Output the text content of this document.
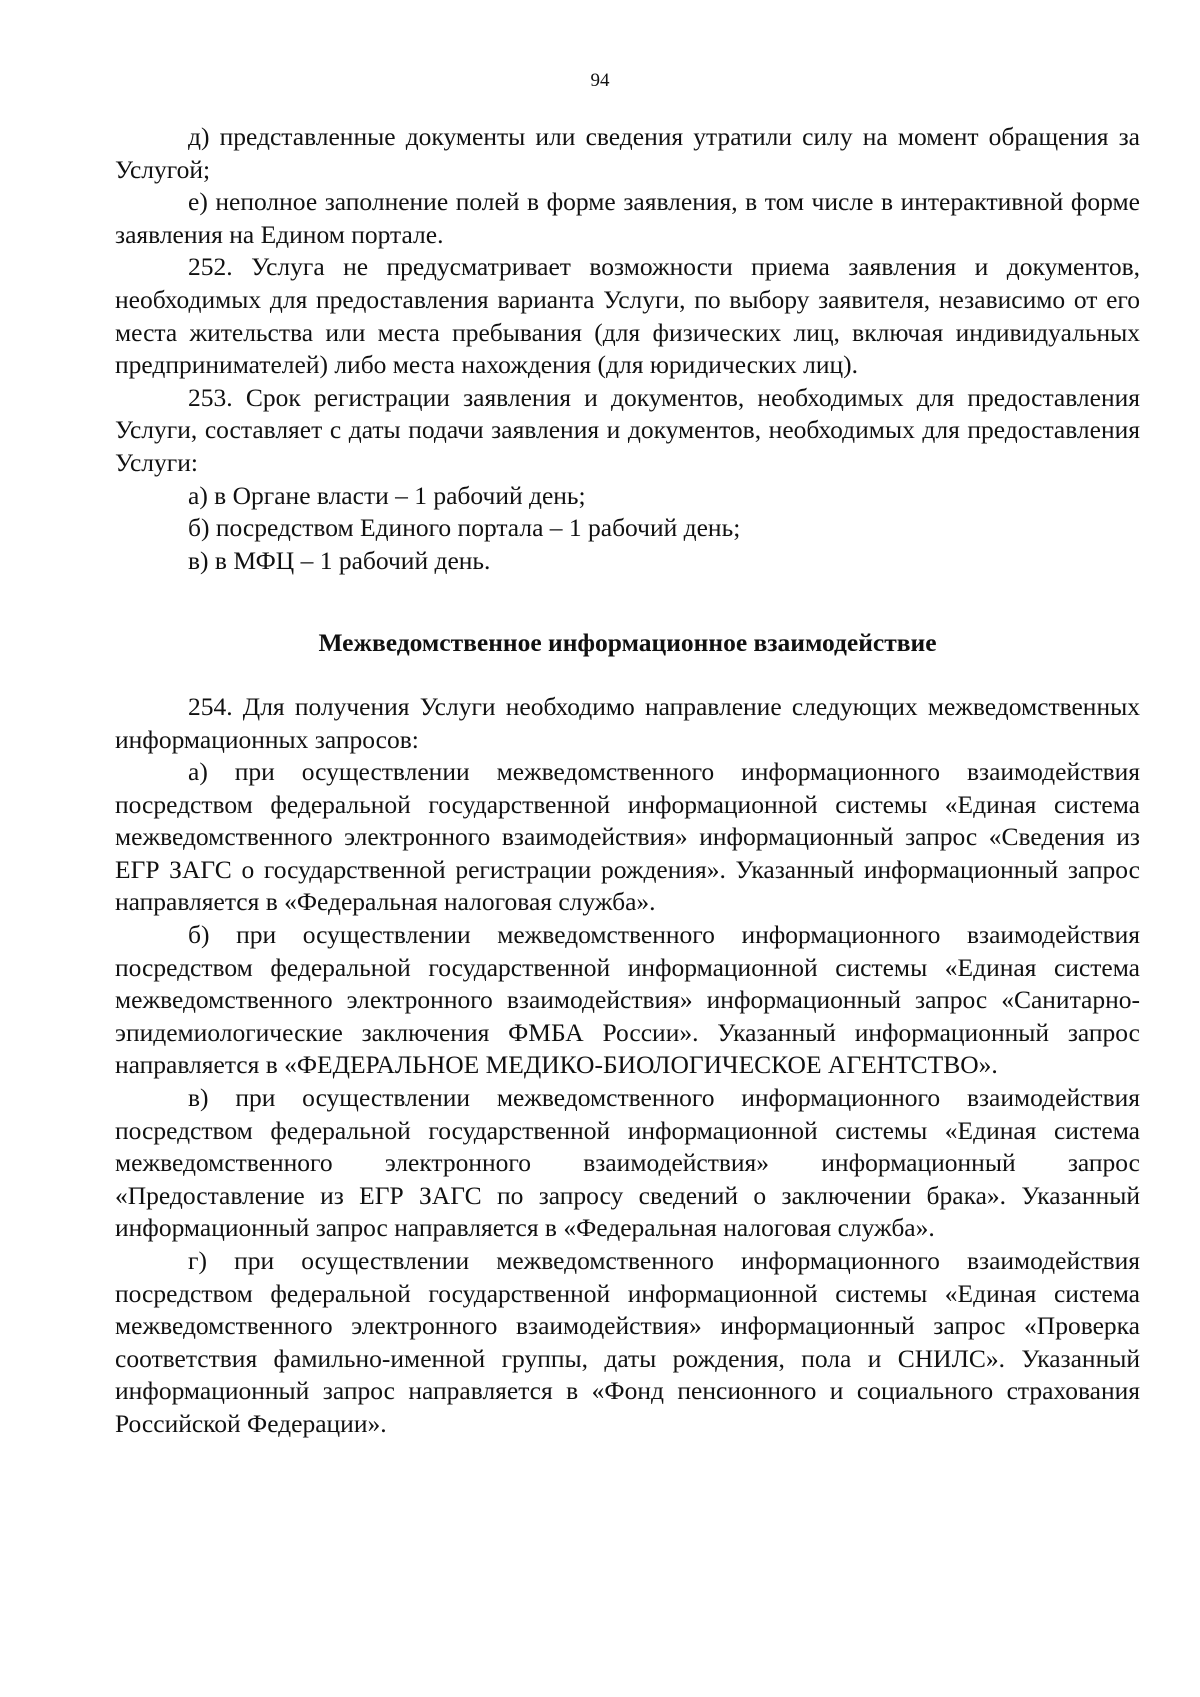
94

д) представленные документы или сведения утратили силу на момент обращения за Услугой;

е) неполное заполнение полей в форме заявления, в том числе в интерактивной форме заявления на Едином портале.

252. Услуга не предусматривает возможности приема заявления и документов, необходимых для предоставления варианта Услуги, по выбору заявителя, независимо от его места жительства или места пребывания (для физических лиц, включая индивидуальных предпринимателей) либо места нахождения (для юридических лиц).

253. Срок регистрации заявления и документов, необходимых для предоставления Услуги, составляет с даты подачи заявления и документов, необходимых для предоставления Услуги:

а) в Органе власти – 1 рабочий день;

б) посредством Единого портала – 1 рабочий день;

в) в МФЦ – 1 рабочий день.

Межведомственное информационное взаимодействие

254. Для получения Услуги необходимо направление следующих межведомственных информационных запросов:

а) при осуществлении межведомственного информационного взаимодействия посредством федеральной государственной информационной системы «Единая система межведомственного электронного взаимодействия» информационный запрос «Сведения из ЕГР ЗАГС о государственной регистрации рождения». Указанный информационный запрос направляется в «Федеральная налоговая служба».

б) при осуществлении межведомственного информационного взаимодействия посредством федеральной государственной информационной системы «Единая система межведомственного электронного взаимодействия» информационный запрос «Санитарно-эпидемиологические заключения ФМБА России». Указанный информационный запрос направляется в «ФЕДЕРАЛЬНОЕ МЕДИКО-БИОЛОГИЧЕСКОЕ АГЕНТСТВО».

в) при осуществлении межведомственного информационного взаимодействия посредством федеральной государственной информационной системы «Единая система межведомственного электронного взаимодействия» информационный запрос «Предоставление из ЕГР ЗАГС по запросу сведений о заключении брака». Указанный информационный запрос направляется в «Федеральная налоговая служба».

г) при осуществлении межведомственного информационного взаимодействия посредством федеральной государственной информационной системы «Единая система межведомственного электронного взаимодействия» информационный запрос «Проверка соответствия фамильно-именной группы, даты рождения, пола и СНИЛС». Указанный информационный запрос направляется в «Фонд пенсионного и социального страхования Российской Федерации».
